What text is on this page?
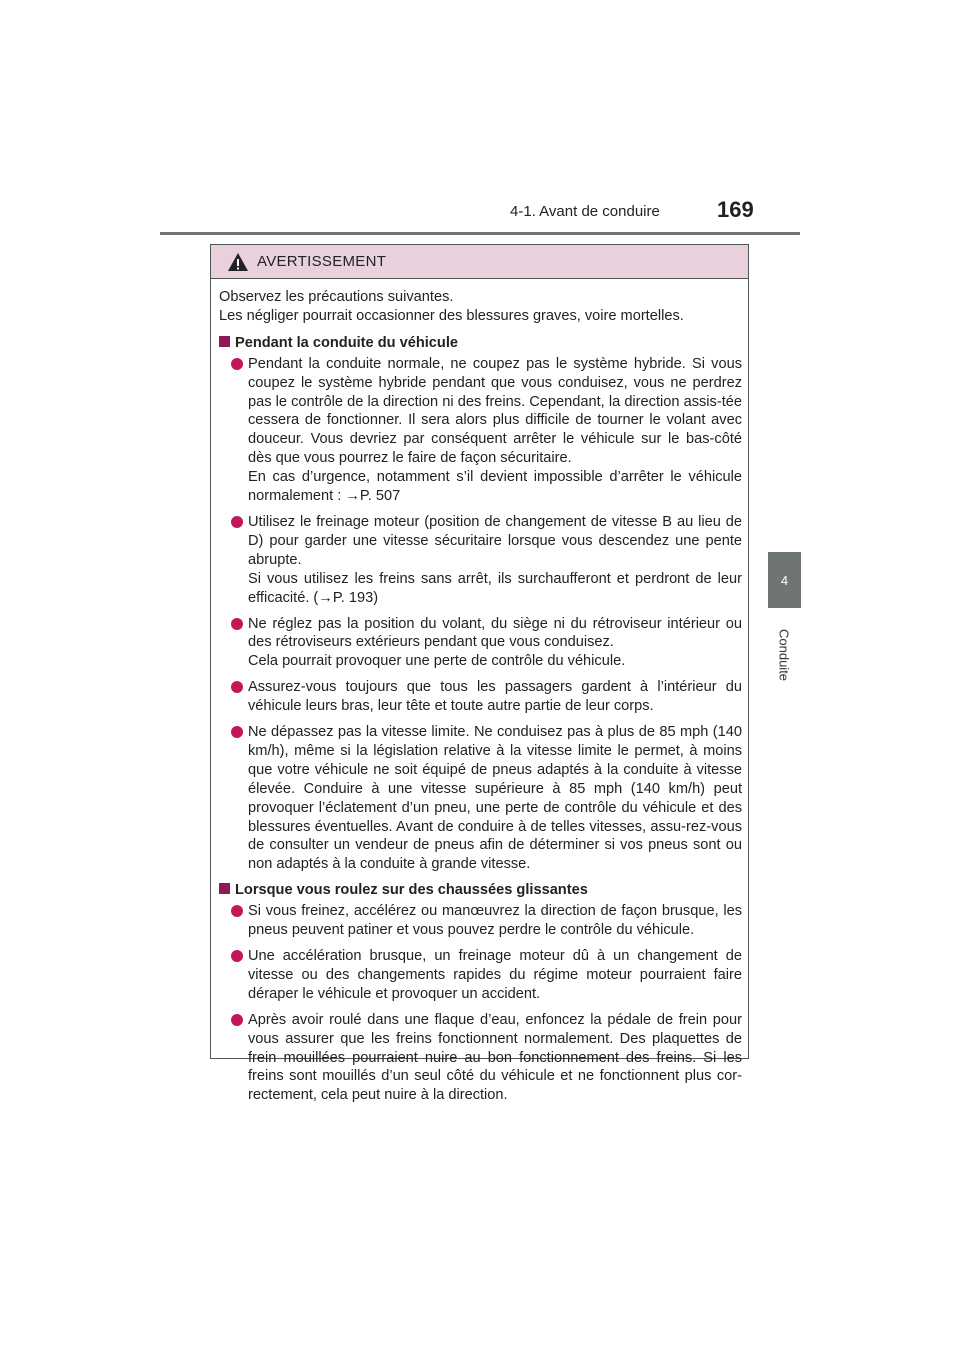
4-1. Avant de conduire	169
4
Conduite
AVERTISSEMENT

Observez les précautions suivantes.
Les négliger pourrait occasionner des blessures graves, voire mortelles.

Pendant la conduite du véhicule
Pendant la conduite normale, ne coupez pas le système hybride. Si vous coupez le système hybride pendant que vous conduisez, vous ne perdrez pas le contrôle de la direction ni des freins. Cependant, la direction assis-tée cessera de fonctionner. Il sera alors plus difficile de tourner le volant avec douceur. Vous devriez par conséquent arrêter le véhicule sur le bas-côté dès que vous pourrez le faire de façon sécuritaire.
En cas d’urgence, notamment s’il devient impossible d’arrêter le véhicule normalement : →P. 507
Utilisez le freinage moteur (position de changement de vitesse B au lieu de D) pour garder une vitesse sécuritaire lorsque vous descendez une pente abrupte.
Si vous utilisez les freins sans arrêt, ils surchaufferont et perdront de leur efficacité. (→P. 193)
Ne réglez pas la position du volant, du siège ni du rétroviseur intérieur ou des rétroviseurs extérieurs pendant que vous conduisez.
Cela pourrait provoquer une perte de contrôle du véhicule.
Assurez-vous toujours que tous les passagers gardent à l’intérieur du véhicule leurs bras, leur tête et toute autre partie de leur corps.
Ne dépassez pas la vitesse limite. Ne conduisez pas à plus de 85 mph (140 km/h), même si la législation relative à la vitesse limite le permet, à moins que votre véhicule ne soit équipé de pneus adaptés à la conduite à vitesse élevée. Conduire à une vitesse supérieure à 85 mph (140 km/h) peut provoquer l’éclatement d’un pneu, une perte de contrôle du véhicule et des blessures éventuelles. Avant de conduire à de telles vitesses, assu-rez-vous de consulter un vendeur de pneus afin de déterminer si vos pneus sont ou non adaptés à la conduite à grande vitesse.
Lorsque vous roulez sur des chaussées glissantes
Si vous freinez, accélérez ou manœuvrez la direction de façon brusque, les pneus peuvent patiner et vous pouvez perdre le contrôle du véhicule.
Une accélération brusque, un freinage moteur dû à un changement de vitesse ou des changements rapides du régime moteur pourraient faire déraper le véhicule et provoquer un accident.
Après avoir roulé dans une flaque d’eau, enfoncez la pédale de frein pour vous assurer que les freins fonctionnent normalement. Des plaquettes de frein mouillées pourraient nuire au bon fonctionnement des freins. Si les freins sont mouillés d’un seul côté du véhicule et ne fonctionnent plus cor-rectement, cela peut nuire à la direction.
